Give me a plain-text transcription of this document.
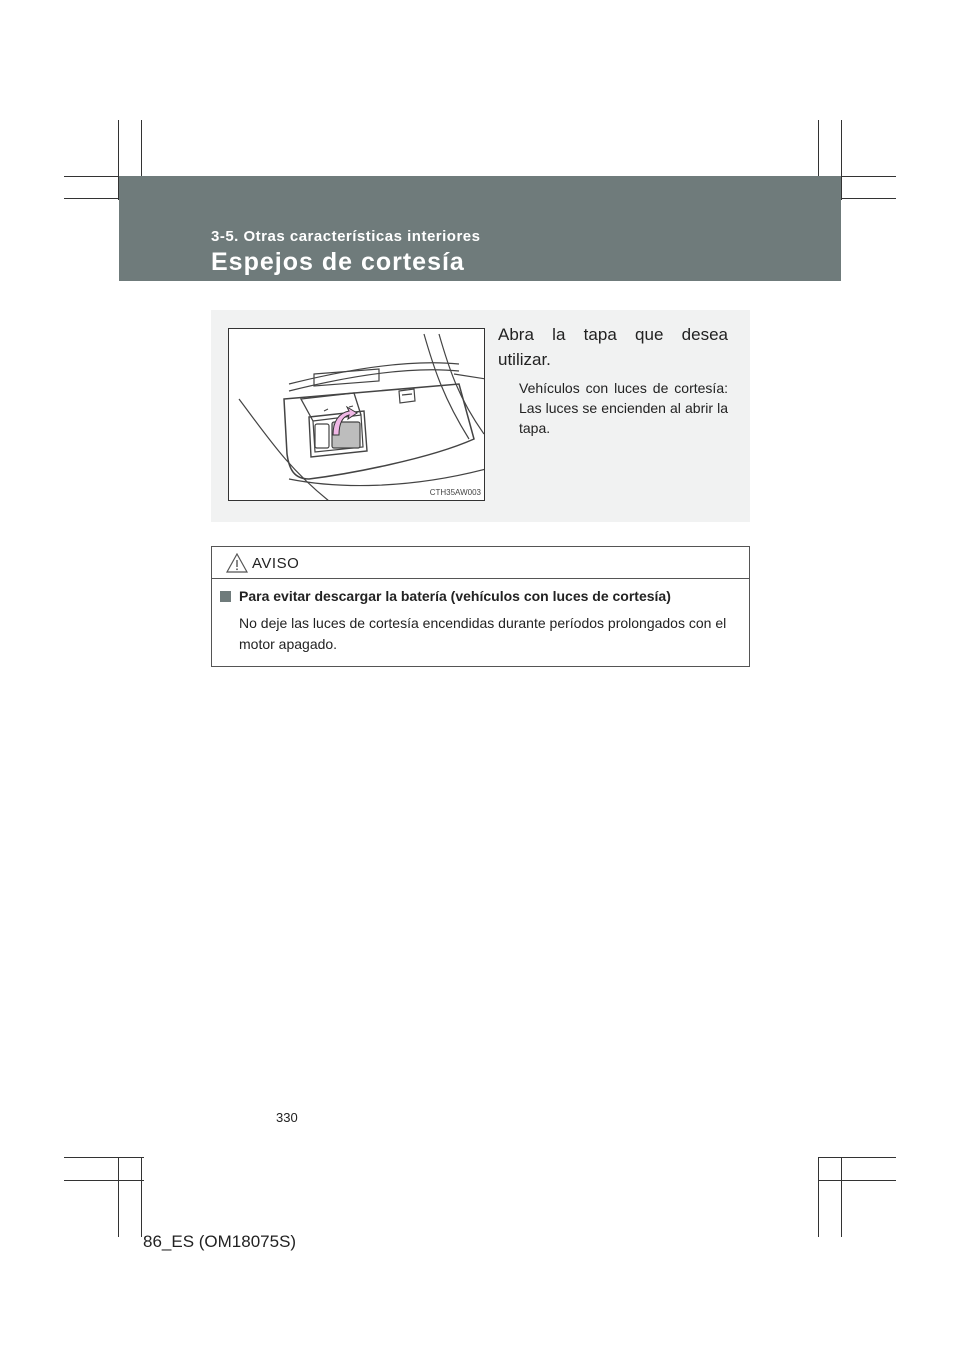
3-5. Otras características interiores
Espejos de cortesía
CTH35AW003
Abra la tapa que desea utilizar.
Vehículos con luces de cortesía: Las luces se encienden al abrir la tapa.
AVISO
Para evitar descargar la batería (vehículos con luces de cortesía)
No deje las luces de cortesía encendidas durante períodos prolongados con el motor apagado.
330
86_ES (OM18075S)
